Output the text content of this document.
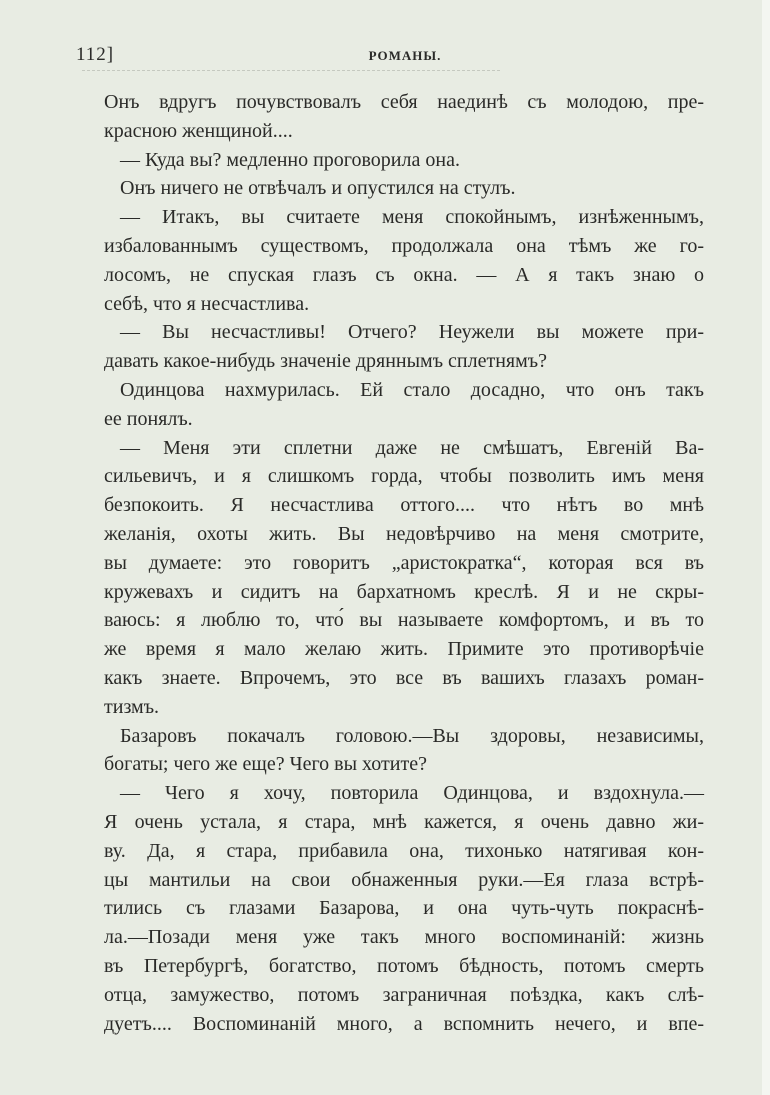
112]	РОМАНЫ.
Онъ вдругъ почувствовалъ себя наединѣ съ молодою, пре-
красною женщиной....
— Куда вы? медленно проговорила она.
Онъ ничего не отвѣчалъ и опустился на стулъ.
— Итакъ, вы считаете меня спокойнымъ, изнѣженнымъ,
избалованнымъ существомъ, продолжала она тѣмъ же го-
лосомъ, не спуская глазъ съ окна. — А я такъ знаю о
себѣ, что я несчастлива.
— Вы несчастливы! Отчего? Неужели вы можете при-
давать какое-нибудь значеніе дряннымъ сплетнямъ?
Одинцова нахмурилась. Ей стало досадно, что онъ такъ
ее понялъ.
— Меня эти сплетни даже не смѣшатъ, Евгеній Ва-
сильевичъ, и я слишкомъ горда, чтобы позволить имъ меня
безпокоить. Я несчастлива оттого.... что нѣтъ во мнѣ
желанія, охоты жить. Вы недовѣрчиво на меня смотрите,
вы думаете: это говоритъ „аристократка“, которая вся въ
кружевахъ и сидитъ на бархатномъ креслѣ. Я и не скры-
ваюсь: я люблю то, что́ вы называете комфортомъ, и въ то
же время я мало желаю жить. Примите это противорѣчіе
какъ знаете. Впрочемъ, это все въ вашихъ глазахъ роман-
тизмъ.
Базаровъ покачалъ головою.—Вы здоровы, независимы,
богаты; чего же еще? Чего вы хотите?
— Чего я хочу, повторила Одинцова, и вздохнула.—
Я очень устала, я стара, мнѣ кажется, я очень давно жи-
ву. Да, я стара, прибавила она, тихонько натягивая кон-
цы мантильи на свои обнаженныя руки.—Ея глаза встрѣ-
тились съ глазами Базарова, и она чуть-чуть покраснѣ-
ла.—Позади меня уже такъ много воспоминаній: жизнь
въ Петербургѣ, богатство, потомъ бѣдность, потомъ смерть
отца, замужество, потомъ заграничная поѣздка, какъ слѣ-
дуетъ.... Воспоминаній много, а вспомнить нечего, и впе-
